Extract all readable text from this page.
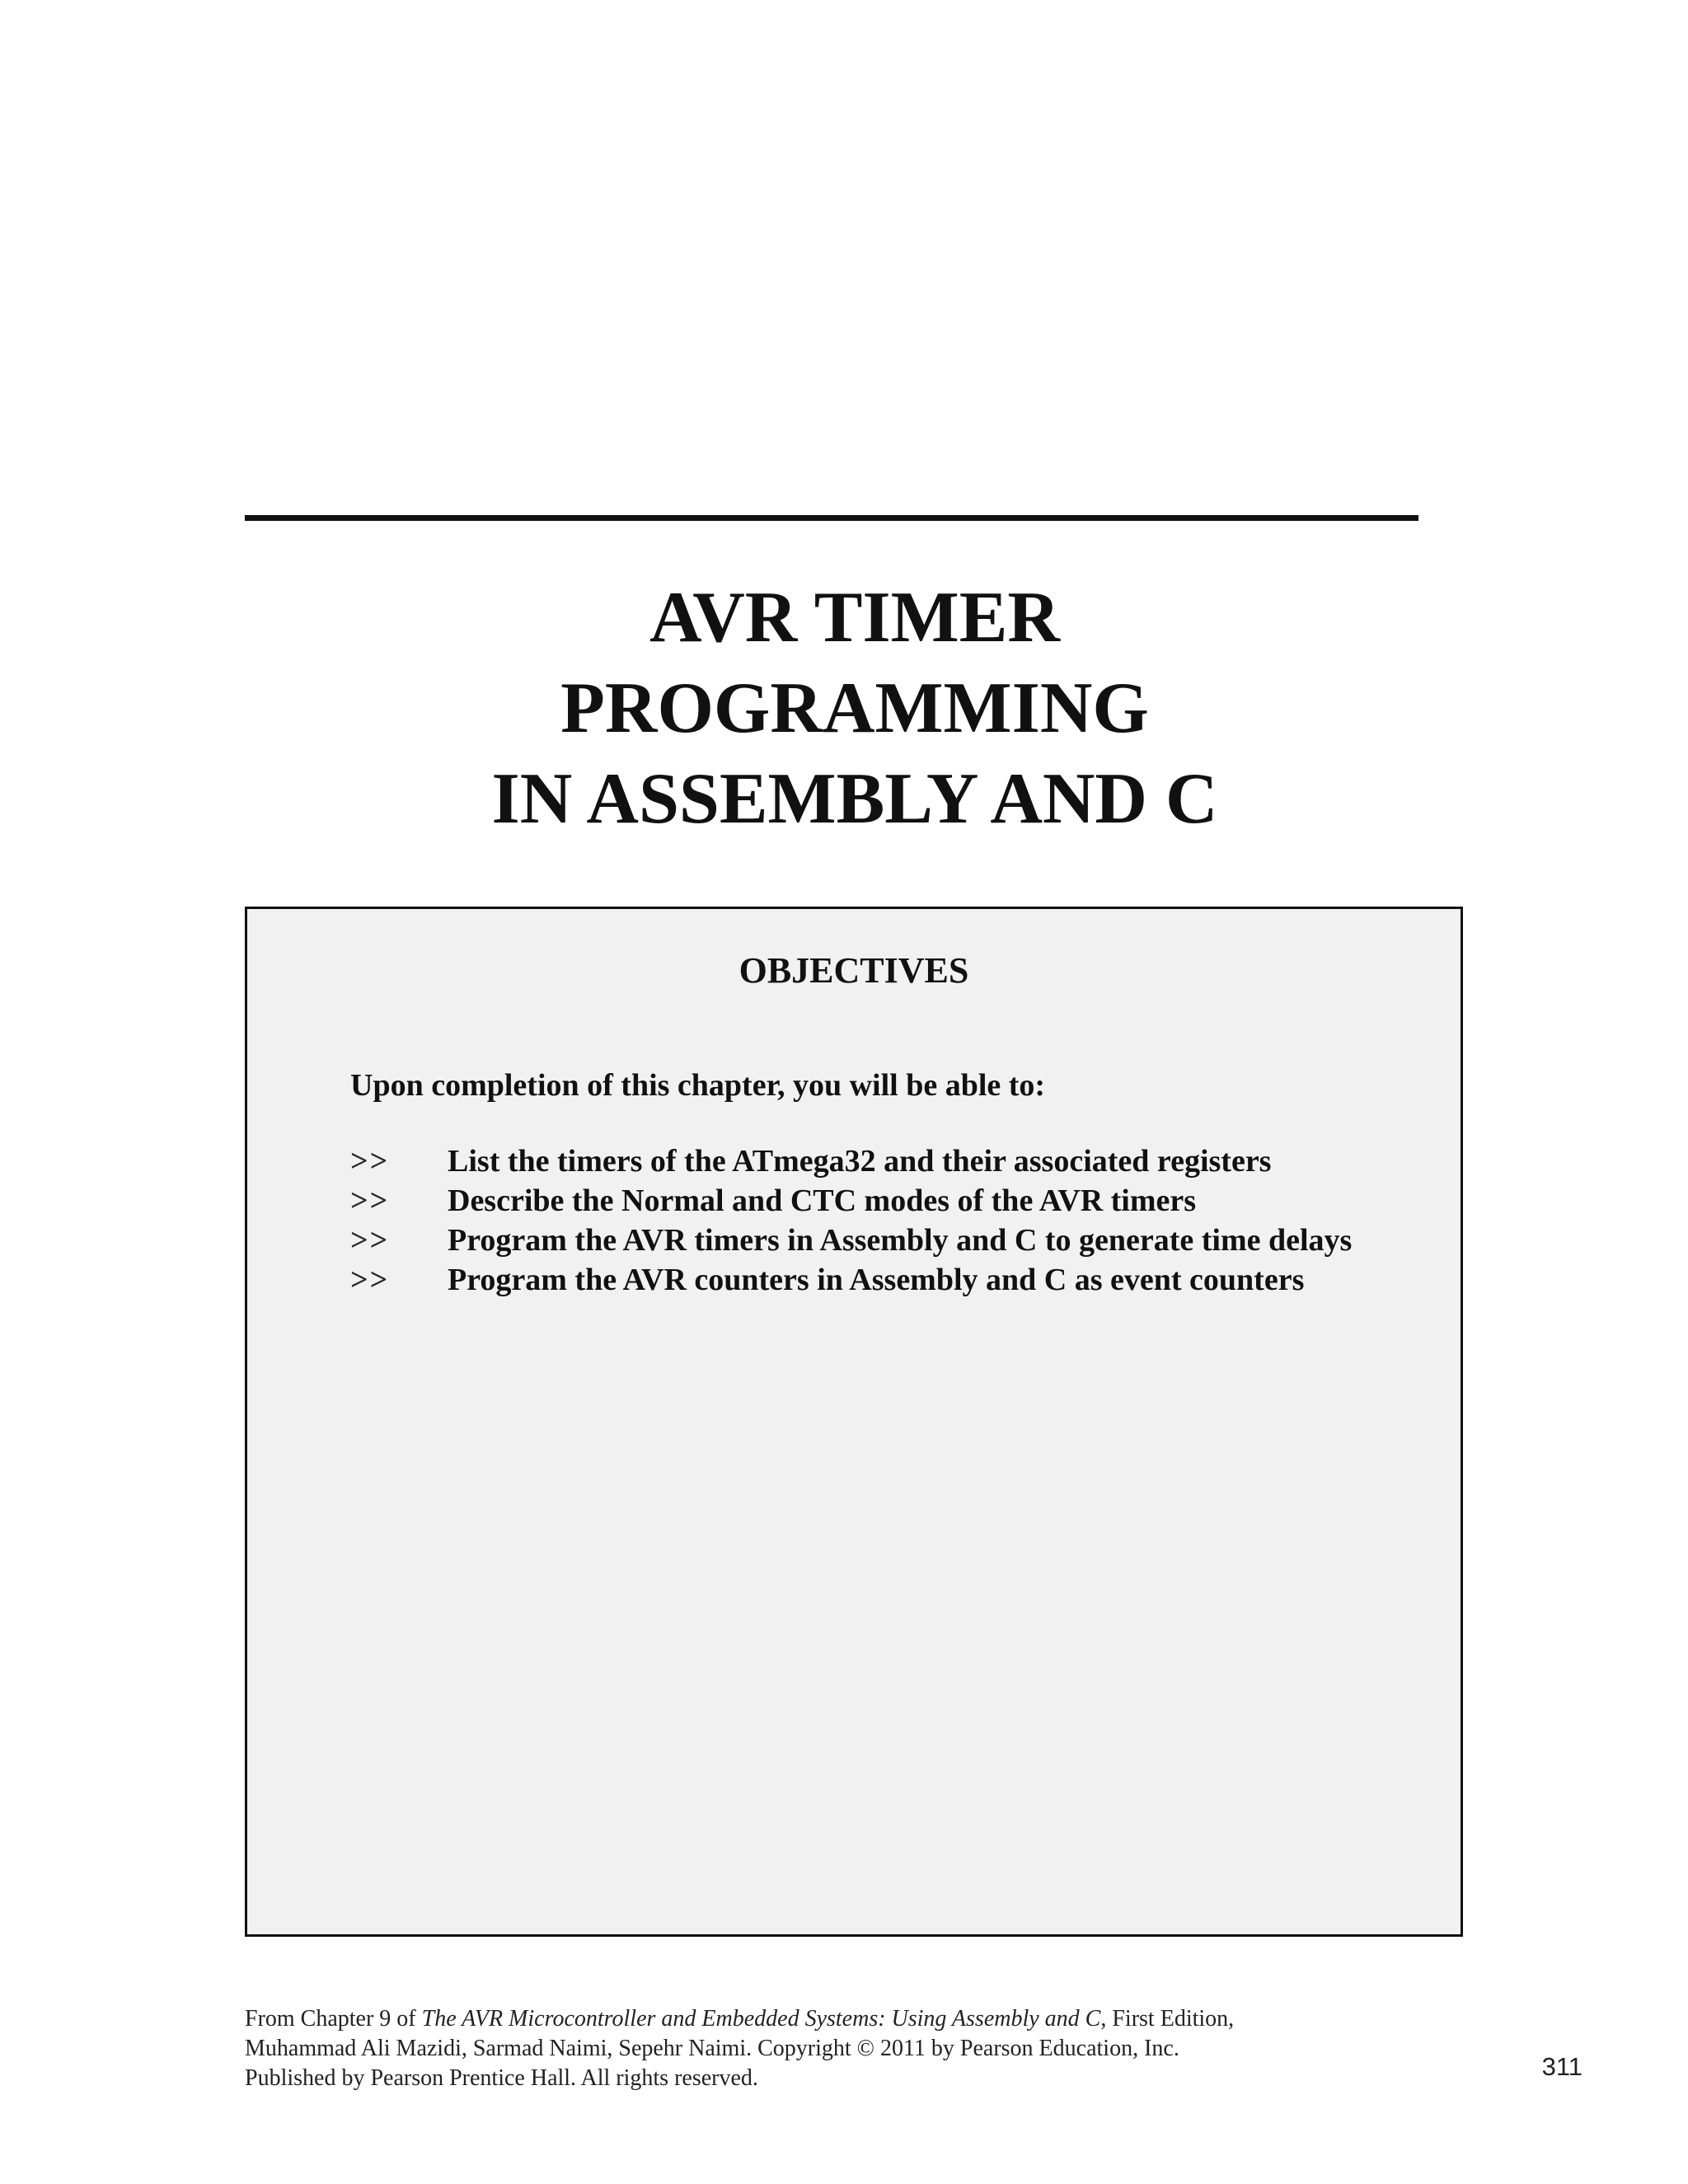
AVR TIMER
PROGRAMMING
IN ASSEMBLY AND C
OBJECTIVES

Upon completion of this chapter, you will be able to:

>>	List the timers of the ATmega32 and their associated registers
>>	Describe the Normal and CTC modes of the AVR timers
>>	Program the AVR timers in Assembly and C to generate time delays
>>	Program the AVR counters in Assembly and C as event counters
From Chapter 9 of The AVR Microcontroller and Embedded Systems: Using Assembly and C, First Edition,
Muhammad Ali Mazidi, Sarmad Naimi, Sepehr Naimi. Copyright © 2011 by Pearson Education, Inc.
Published by Pearson Prentice Hall. All rights reserved.	311
